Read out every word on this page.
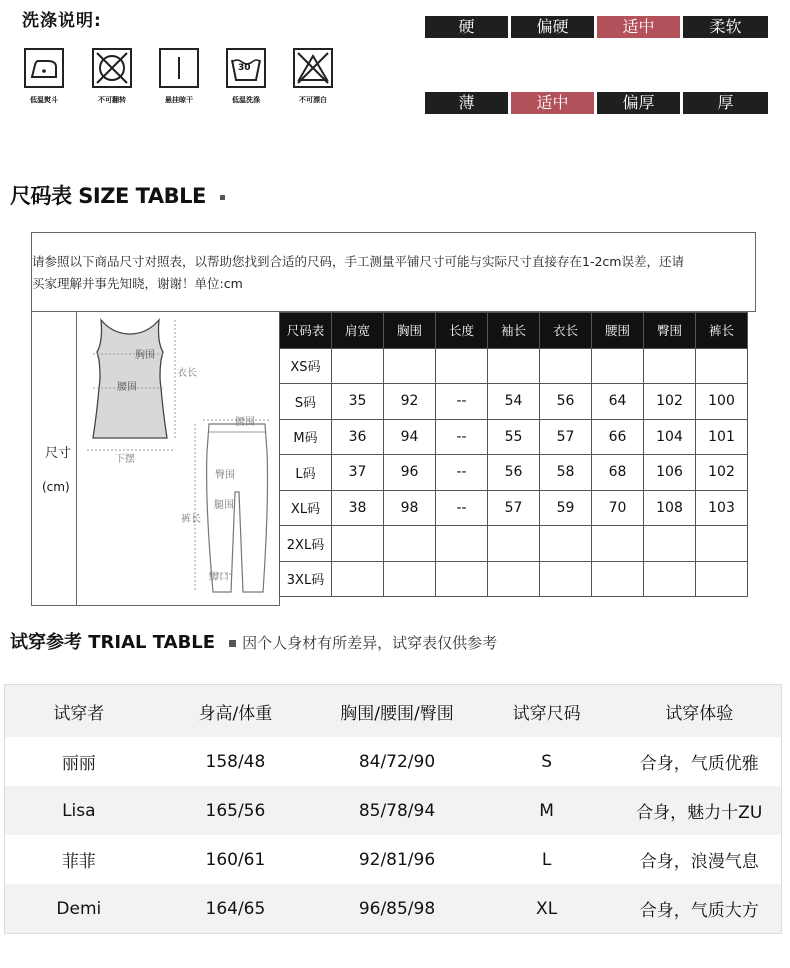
洗涤说明:
低温熨斗	不可翻转	悬挂晾干
30
低温洗涤	不可漂白
硬	偏硬	适中	柔软
薄	适中	偏厚	厚
尺码表 SIZE TABLE
请参照以下商品尺寸对照表，以帮助您找到合适的尺码，手工测量平铺尺寸可能与实际尺寸直接存在1-2cm误差，还请
买家理解并事先知晓，谢谢！单位:cm
尺寸
(cm)
胸围
衣长
腰围
下摆
腰围
臀围
腿围
裤长
脚口
尺码表	肩宽	胸围	长度	袖长	衣长	腰围	臀围	裤长
XS码								
S码	35	92	--	54	56	64	102	100
M码	36	94	--	55	57	66	104	101
L码	37	96	--	56	58	68	106	102
XL码	38	98	--	57	59	70	108	103
2XL码								
3XL码								
试穿参考 TRIAL TABLE 因个人身材有所差异，试穿表仅供参考
试穿者	身高/体重	胸围/腰围/臀围	试穿尺码	试穿体验
丽丽	158/48	84/72/90	S	合身，气质优雅
Lisa	165/56	85/78/94	M	合身，魅力十ZU
菲菲	160/61	92/81/96	L	合身，浪漫气息
Demi	164/65	96/85/98	XL	合身，气质大方
